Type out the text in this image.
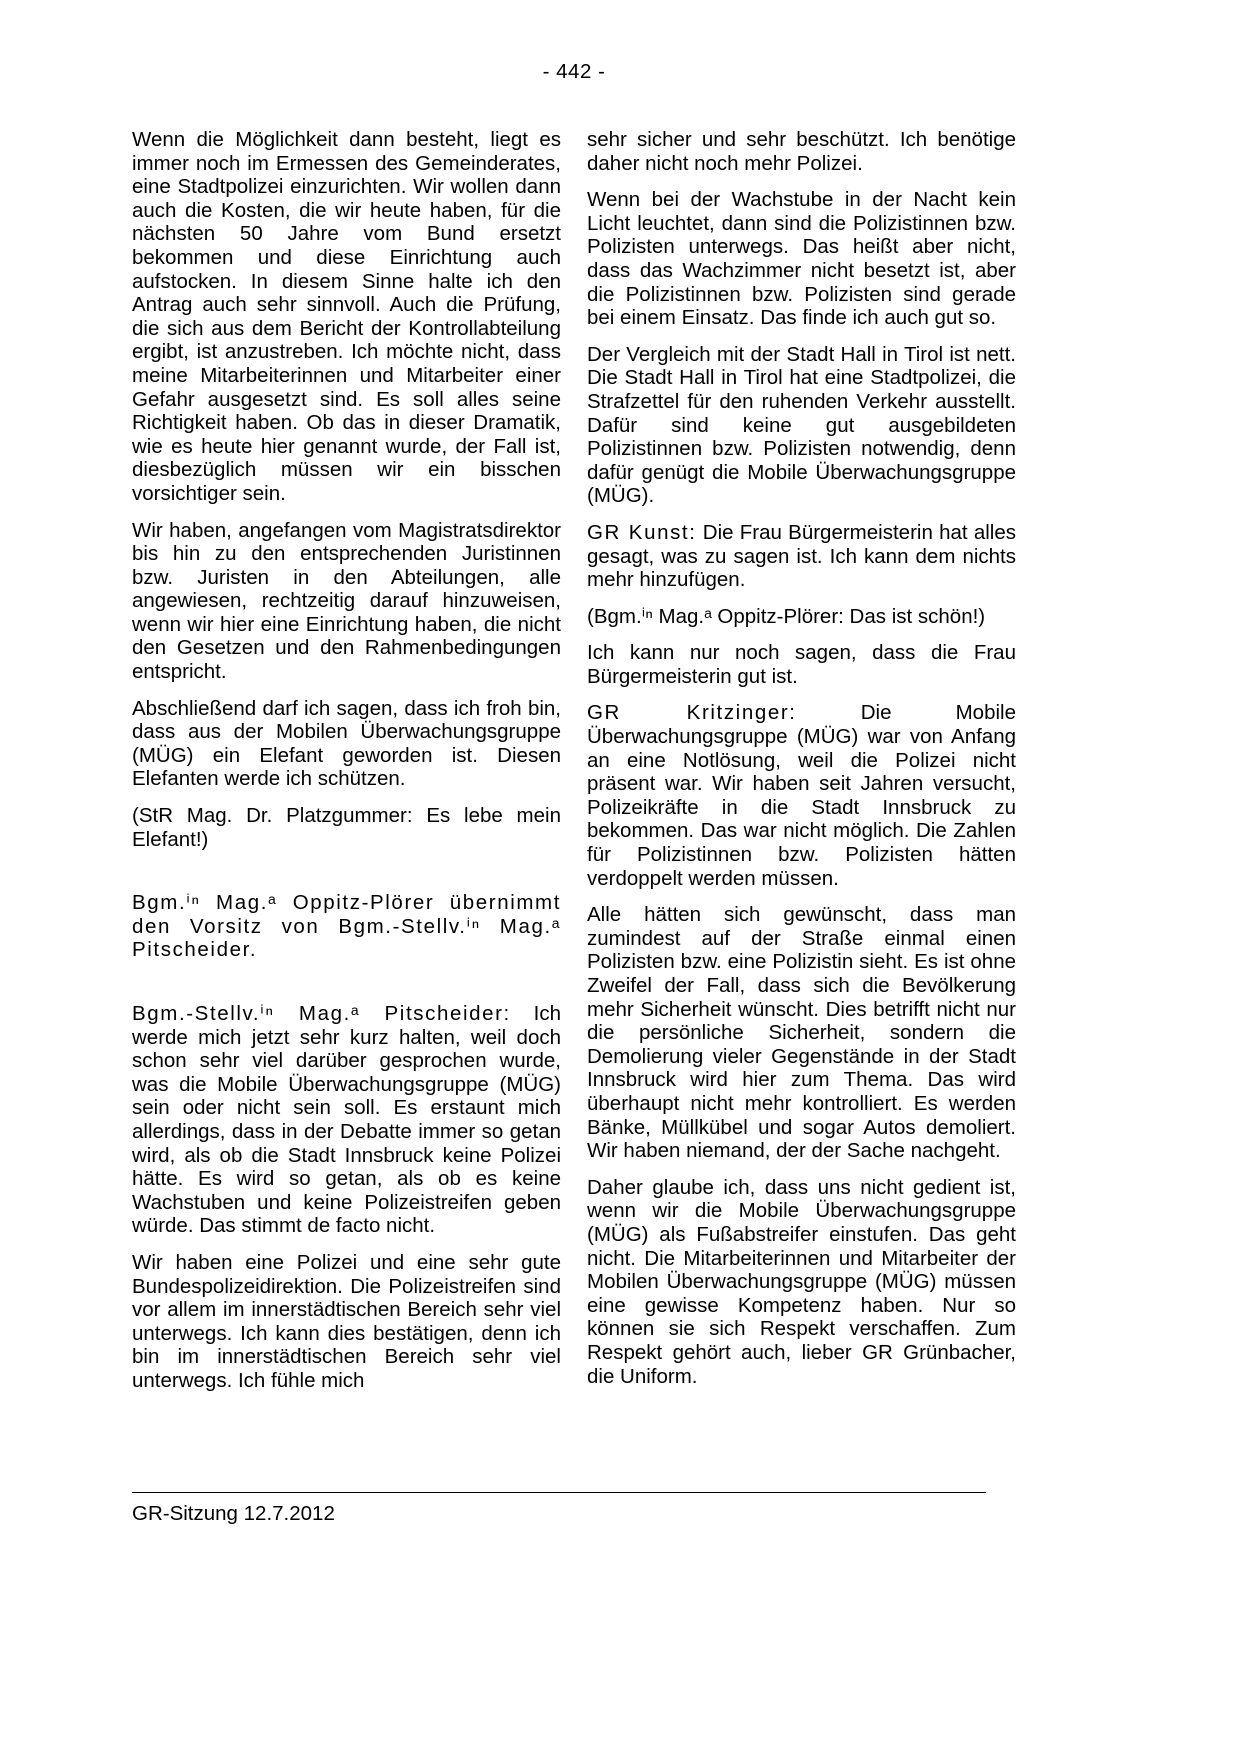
- 442 -

Wenn die Möglichkeit dann besteht, liegt es immer noch im Ermessen des Gemeinderates, eine Stadtpolizei einzurichten. Wir wollen dann auch die Kosten, die wir heute haben, für die nächsten 50 Jahre vom Bund ersetzt bekommen und diese Einrichtung auch aufstocken. In diesem Sinne halte ich den Antrag auch sehr sinnvoll. Auch die Prüfung, die sich aus dem Bericht der Kontrollabteilung ergibt, ist anzustreben. Ich möchte nicht, dass meine Mitarbeiterinnen und Mitarbeiter einer Gefahr ausgesetzt sind. Es soll alles seine Richtigkeit haben. Ob das in dieser Dramatik, wie es heute hier genannt wurde, der Fall ist, diesbezüglich müssen wir ein bisschen vorsichtiger sein.

Wir haben, angefangen vom Magistratsdirektor bis hin zu den entsprechenden Juristinnen bzw. Juristen in den Abteilungen, alle angewiesen, rechtzeitig darauf hinzuweisen, wenn wir hier eine Einrichtung haben, die nicht den Gesetzen und den Rahmenbedingungen entspricht.

Abschließend darf ich sagen, dass ich froh bin, dass aus der Mobilen Überwachungsgruppe (MÜG) ein Elefant geworden ist. Diesen Elefanten werde ich schützen.

(StR Mag. Dr. Platzgummer: Es lebe mein Elefant!)

Bgm.ⁱⁿ Mag.ᵃ Oppitz-Plörer übernimmt den Vorsitz von Bgm.-Stellv.ⁱⁿ Mag.ᵃ Pitscheider.

Bgm.-Stellv.ⁱⁿ Mag.ᵃ Pitscheider: Ich werde mich jetzt sehr kurz halten, weil doch schon sehr viel darüber gesprochen wurde, was die Mobile Überwachungsgruppe (MÜG) sein oder nicht sein soll. Es erstaunt mich allerdings, dass in der Debatte immer so getan wird, als ob die Stadt Innsbruck keine Polizei hätte. Es wird so getan, als ob es keine Wachstuben und keine Polizeistreifen geben würde. Das stimmt de facto nicht.

Wir haben eine Polizei und eine sehr gute Bundespolizeidirektion. Die Polizeistreifen sind vor allem im innerstädtischen Bereich sehr viel unterwegs. Ich kann dies bestätigen, denn ich bin im innerstädtischen Bereich sehr viel unterwegs. Ich fühle mich

sehr sicher und sehr beschützt. Ich benötige daher nicht noch mehr Polizei.

Wenn bei der Wachstube in der Nacht kein Licht leuchtet, dann sind die Polizistinnen bzw. Polizisten unterwegs. Das heißt aber nicht, dass das Wachzimmer nicht besetzt ist, aber die Polizistinnen bzw. Polizisten sind gerade bei einem Einsatz. Das finde ich auch gut so.

Der Vergleich mit der Stadt Hall in Tirol ist nett. Die Stadt Hall in Tirol hat eine Stadtpolizei, die Strafzettel für den ruhenden Verkehr ausstellt. Dafür sind keine gut ausgebildeten Polizistinnen bzw. Polizisten notwendig, denn dafür genügt die Mobile Überwachungsgruppe (MÜG).

GR Kunst: Die Frau Bürgermeisterin hat alles gesagt, was zu sagen ist. Ich kann dem nichts mehr hinzufügen.

(Bgm.ⁱⁿ Mag.ᵃ Oppitz-Plörer: Das ist schön!)

Ich kann nur noch sagen, dass die Frau Bürgermeisterin gut ist.

GR Kritzinger: Die Mobile Überwachungsgruppe (MÜG) war von Anfang an eine Notlösung, weil die Polizei nicht präsent war. Wir haben seit Jahren versucht, Polizeikräfte in die Stadt Innsbruck zu bekommen. Das war nicht möglich. Die Zahlen für Polizistinnen bzw. Polizisten hätten verdoppelt werden müssen.

Alle hätten sich gewünscht, dass man zumindest auf der Straße einmal einen Polizisten bzw. eine Polizistin sieht. Es ist ohne Zweifel der Fall, dass sich die Bevölkerung mehr Sicherheit wünscht. Dies betrifft nicht nur die persönliche Sicherheit, sondern die Demolierung vieler Gegenstände in der Stadt Innsbruck wird hier zum Thema. Das wird überhaupt nicht mehr kontrolliert. Es werden Bänke, Müllkübel und sogar Autos demoliert. Wir haben niemand, der der Sache nachgeht.

Daher glaube ich, dass uns nicht gedient ist, wenn wir die Mobile Überwachungsgruppe (MÜG) als Fußabstreifer einstufen. Das geht nicht. Die Mitarbeiterinnen und Mitarbeiter der Mobilen Überwachungsgruppe (MÜG) müssen eine gewisse Kompetenz haben. Nur so können sie sich Respekt verschaffen. Zum Respekt gehört auch, lieber GR Grünbacher, die Uniform.

GR-Sitzung 12.7.2012
